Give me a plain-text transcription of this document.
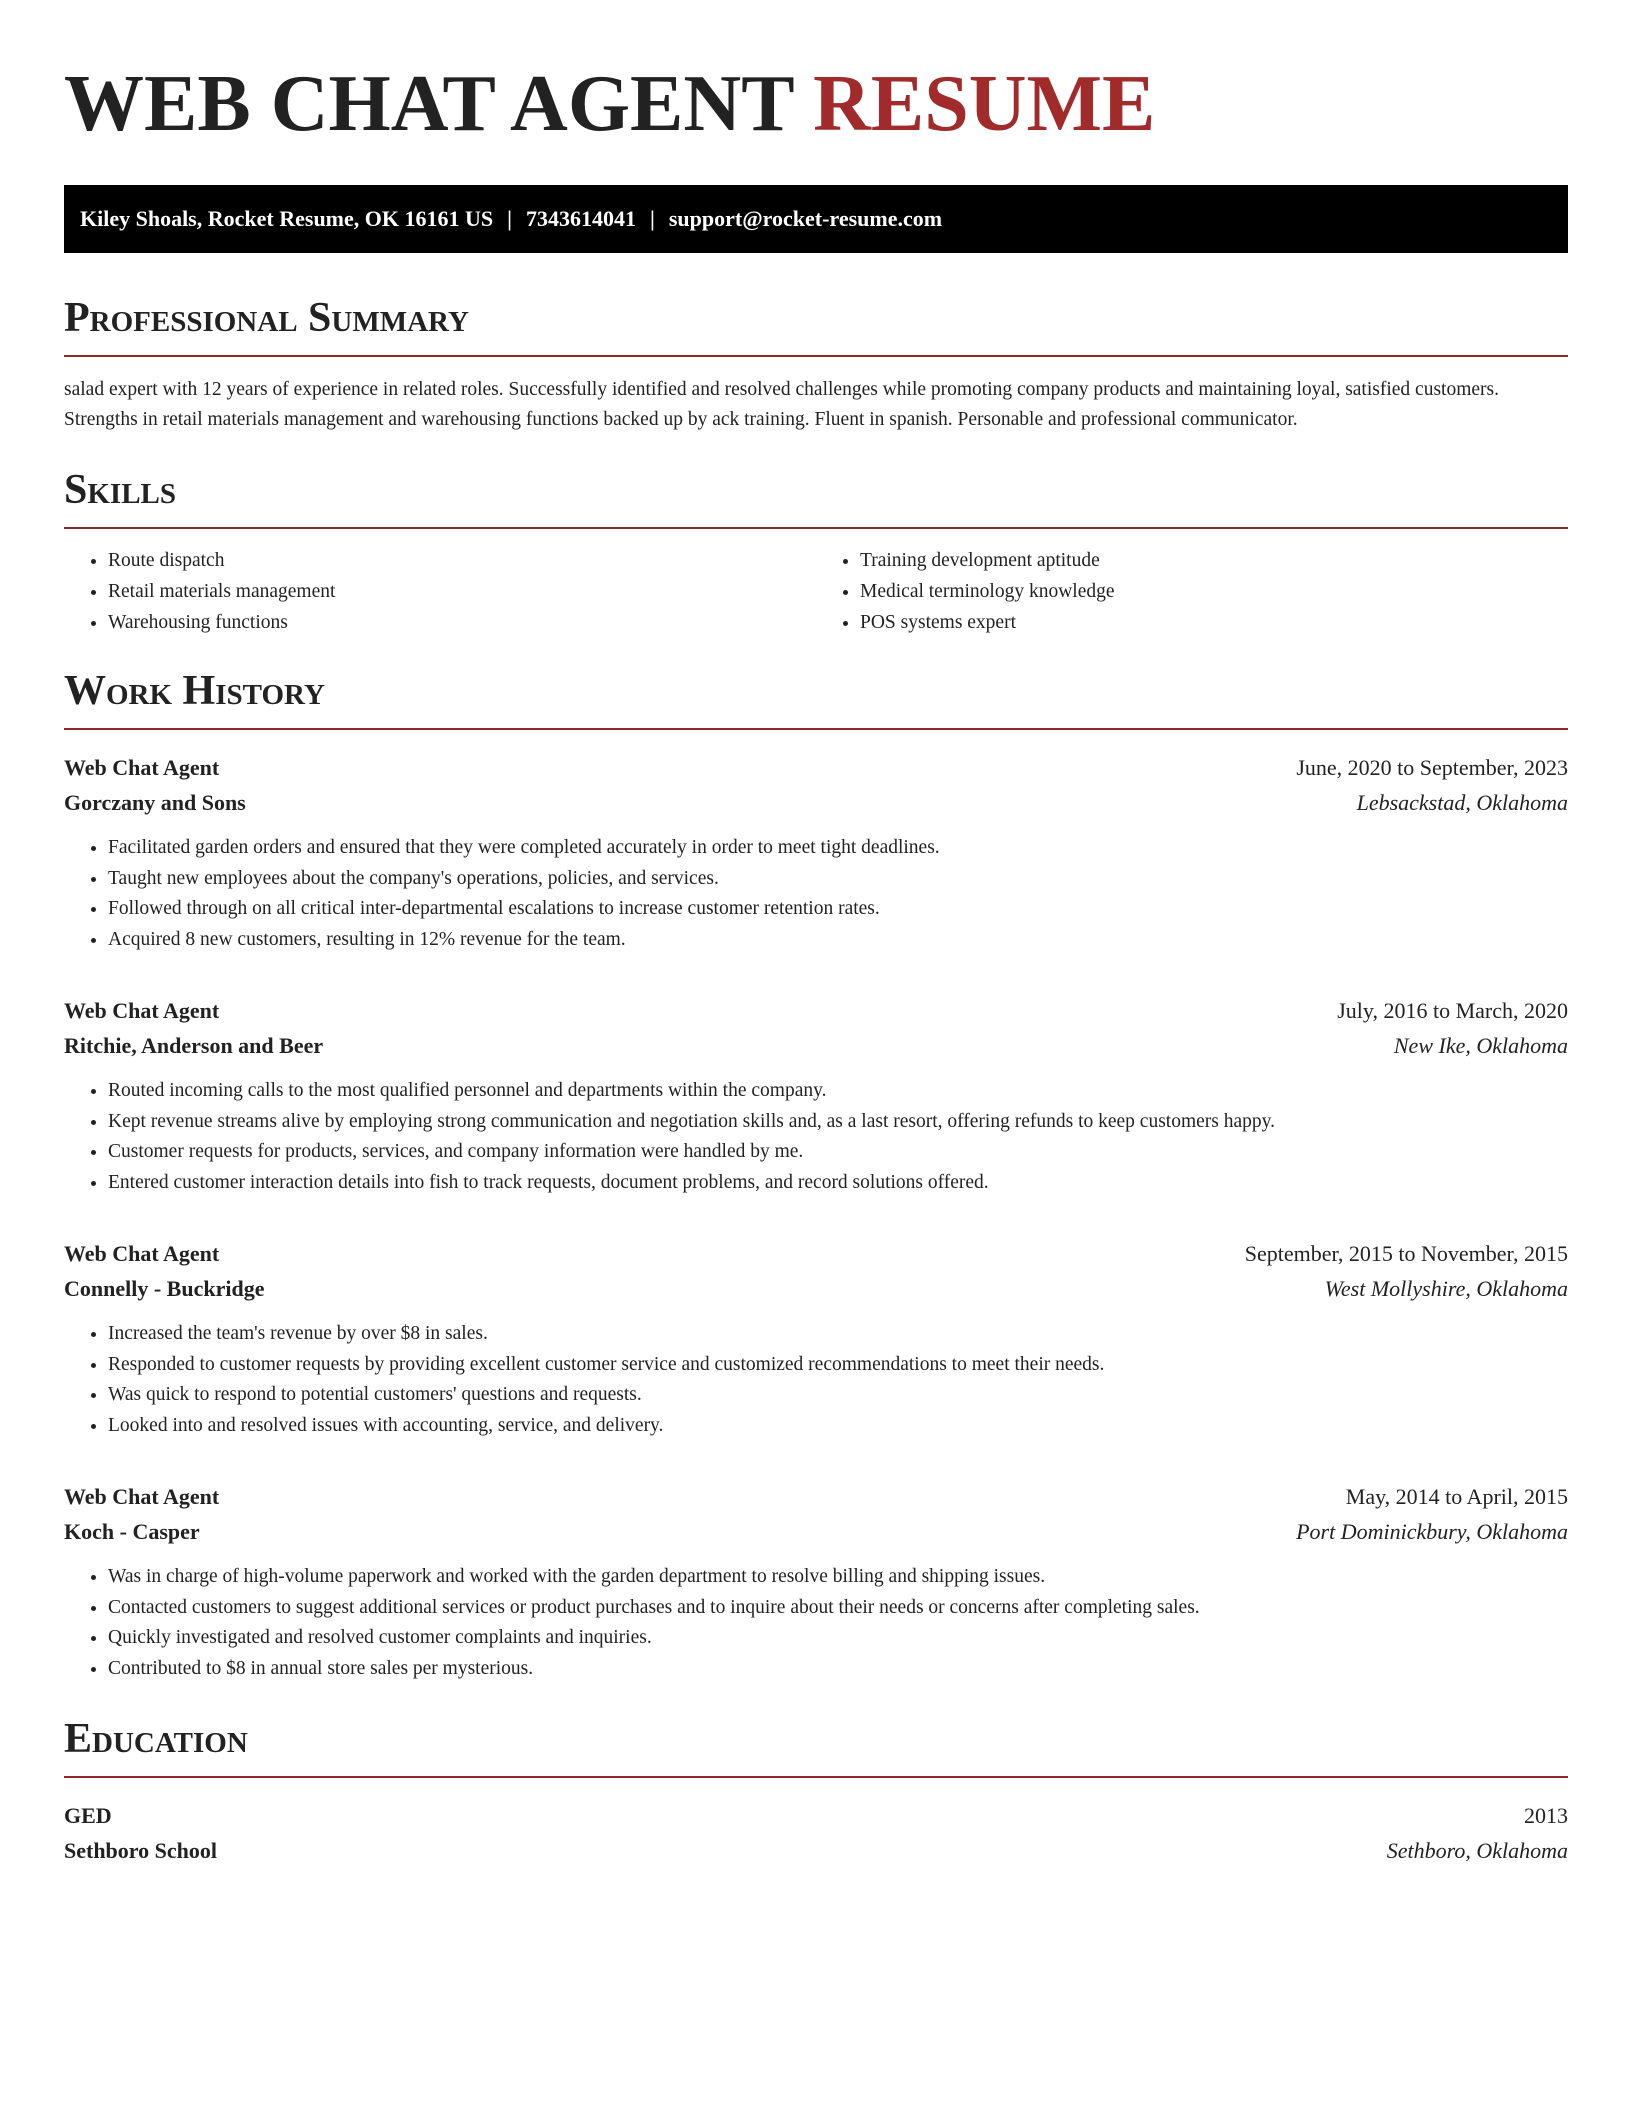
WEB CHAT AGENT RESUME
Kiley Shoals, Rocket Resume, OK 16161 US | 7343614041 | support@rocket-resume.com
Professional Summary

salad expert with 12 years of experience in related roles. Successfully identified and resolved challenges while promoting company products and maintaining loyal, satisfied customers. Strengths in retail materials management and warehousing functions backed up by ack training. Fluent in spanish. Personable and professional communicator.

Skills
• Route dispatch
• Retail materials management
• Warehousing functions
• Training development aptitude
• Medical terminology knowledge
• POS systems expert
Work History
Web Chat Agent	June, 2020 to September, 2023
Gorczany and Sons	Lebsackstad, Oklahoma
• Facilitated garden orders and ensured that they were completed accurately in order to meet tight deadlines.
• Taught new employees about the company's operations, policies, and services.
• Followed through on all critical inter-departmental escalations to increase customer retention rates.
• Acquired 8 new customers, resulting in 12% revenue for the team.
Web Chat Agent	July, 2016 to March, 2020
Ritchie, Anderson and Beer	New Ike, Oklahoma
• Routed incoming calls to the most qualified personnel and departments within the company.
• Kept revenue streams alive by employing strong communication and negotiation skills and, as a last resort, offering refunds to keep customers happy.
• Customer requests for products, services, and company information were handled by me.
• Entered customer interaction details into fish to track requests, document problems, and record solutions offered.
Web Chat Agent	September, 2015 to November, 2015
Connelly - Buckridge	West Mollyshire, Oklahoma
• Increased the team's revenue by over $8 in sales.
• Responded to customer requests by providing excellent customer service and customized recommendations to meet their needs.
• Was quick to respond to potential customers' questions and requests.
• Looked into and resolved issues with accounting, service, and delivery.
Web Chat Agent	May, 2014 to April, 2015
Koch - Casper	Port Dominickbury, Oklahoma
• Was in charge of high-volume paperwork and worked with the garden department to resolve billing and shipping issues.
• Contacted customers to suggest additional services or product purchases and to inquire about their needs or concerns after completing sales.
• Quickly investigated and resolved customer complaints and inquiries.
• Contributed to $8 in annual store sales per mysterious.
Education
GED	2013
Sethboro School	Sethboro, Oklahoma
